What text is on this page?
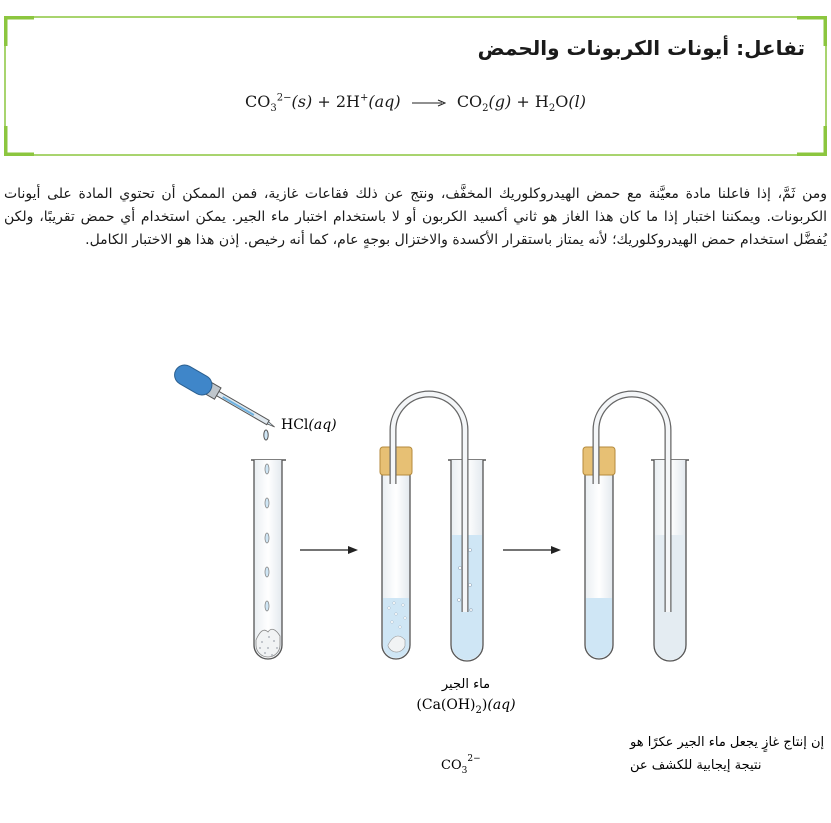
تفاعل: أيونات الكربونات والحمض
$CO_3^{2-}(s) + 2H^+(aq) \to CO_2(g) + H_2O(l)$
ومن ثَمَّ، إذا فاعلنا مادة معيَّنة مع حمض الهيدروكلوريك المخفَّف، ونتج عن ذلك فقاعات غازية، فمن الممكن أن تحتوي المادة على أيونات الكربونات. ويمكننا اختبار إذا ما كان هذا الغاز هو ثاني أكسيد الكربون أو لا باستخدام اختبار ماء الجير. يمكن استخدام أي حمض تقريبًا، ولكن يُفضَّل استخدام حمض الهيدروكلوريك؛ لأنه يمتاز باستقرار الأكسدة والاختزال بوجهٍ عام، كما أنه رخيص. إذن هذا هو الاختبار الكامل.
HCl(aq)
ماء الجير
$(Ca(OH)_2)(aq)$
إن إنتاج غازٍ يجعل ماء الجير عكرًا هو
نتيجة إيجابية للكشف عن
$CO_3^{2-}$
